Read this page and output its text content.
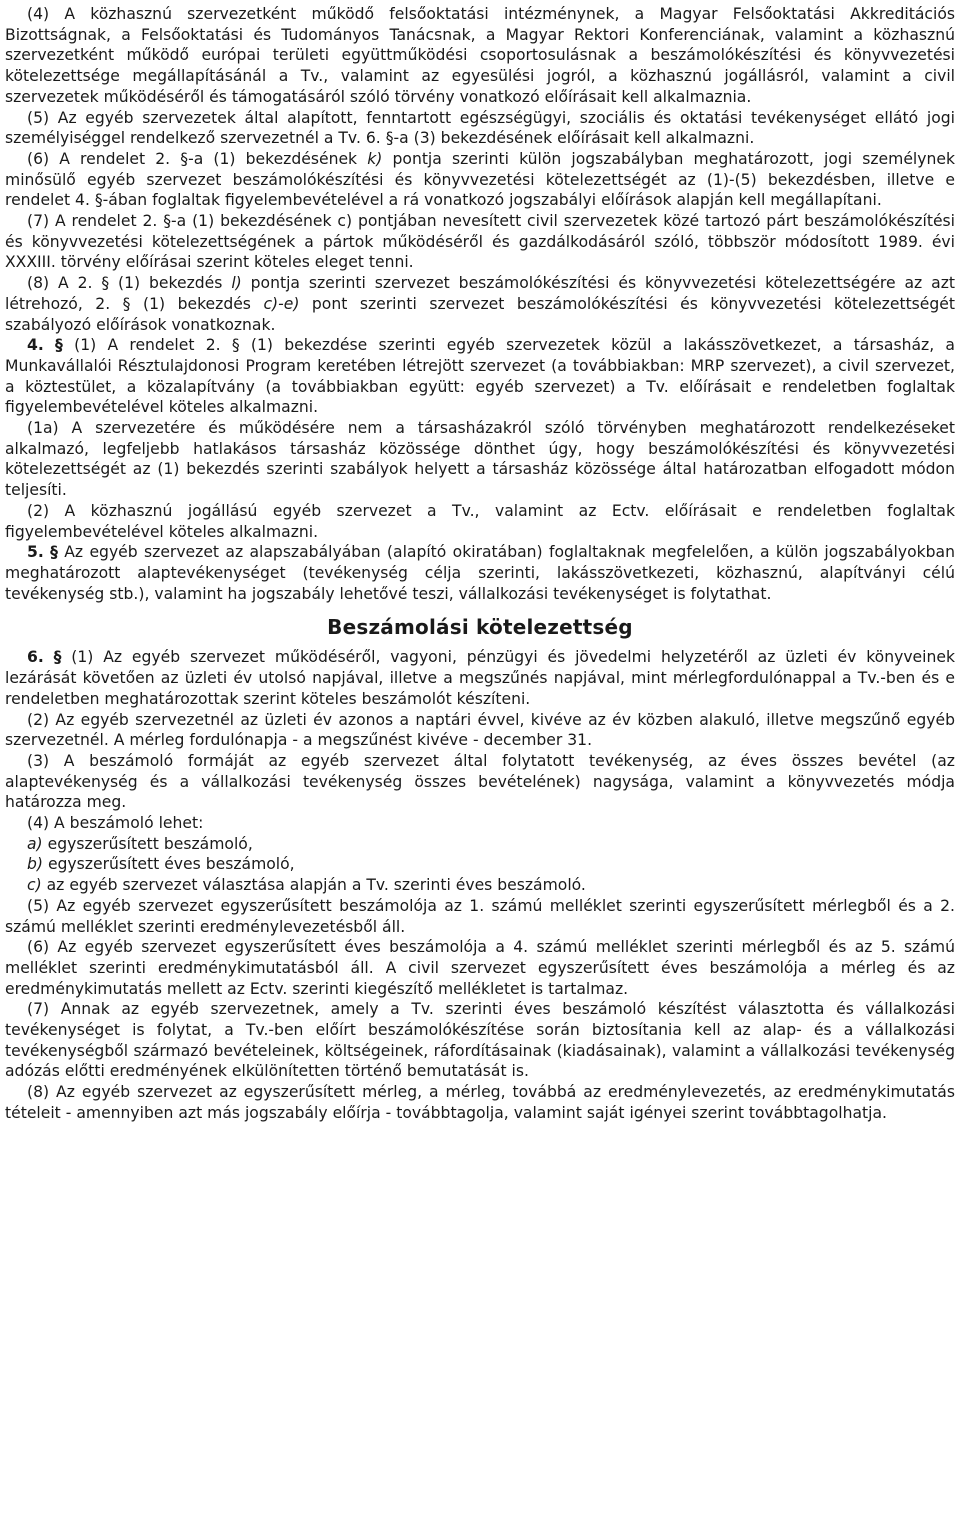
(4) A közhasznú szervezetként működő felsőoktatási intézménynek, a Magyar Felsőoktatási Akkreditációs Bizottságnak, a Felsőoktatási és Tudományos Tanácsnak, a Magyar Rektori Konferenciának, valamint a közhasznú szervezetként működő európai területi együttműködési csoportosulásnak a beszámolókészítési és könyvvezetési kötelezettsége megállapításánál a Tv., valamint az egyesülési jogról, a közhasznú jogállásról, valamint a civil szervezetek működéséről és támogatásáról szóló törvény vonatkozó előírásait kell alkalmaznia.

(5) Az egyéb szervezetek által alapított, fenntartott egészségügyi, szociális és oktatási tevékenységet ellátó jogi személyiséggel rendelkező szervezetnél a Tv. 6. §-a (3) bekezdésének előírásait kell alkalmazni.

(6) A rendelet 2. §-a (1) bekezdésének k) pontja szerinti külön jogszabályban meghatározott, jogi személynek minősülő egyéb szervezet beszámolókészítési és könyvvezetési kötelezettségét az (1)-(5) bekezdésben, illetve e rendelet 4. §-ában foglaltak figyelembevételével a rá vonatkozó jogszabályi előírások alapján kell megállapítani.

(7) A rendelet 2. §-a (1) bekezdésének c) pontjában nevesített civil szervezetek közé tartozó párt beszámolókészítési és könyvvezetési kötelezettségének a pártok működéséről és gazdálkodásáról szóló, többször módosított 1989. évi XXXIII. törvény előírásai szerint köteles eleget tenni.

(8) A 2. § (1) bekezdés l) pontja szerinti szervezet beszámolókészítési és könyvvezetési kötelezettségére az azt létrehozó, 2. § (1) bekezdés c)-e) pont szerinti szervezet beszámolókészítési és könyvvezetési kötelezettségét szabályozó előírások vonatkoznak.

4. § (1) A rendelet 2. § (1) bekezdése szerinti egyéb szervezetek közül a lakásszövetkezet, a társasház, a Munkavállalói Résztulajdonosi Program keretében létrejött szervezet (a továbbiakban: MRP szervezet), a civil szervezet, a köztestület, a közalapítvány (a továbbiakban együtt: egyéb szervezet) a Tv. előírásait e rendeletben foglaltak figyelembevételével köteles alkalmazni.

(1a) A szervezetére és működésére nem a társasházakról szóló törvényben meghatározott rendelkezéseket alkalmazó, legfeljebb hatlakásos társasház közössége dönthet úgy, hogy beszámolókészítési és könyvvezetési kötelezettségét az (1) bekezdés szerinti szabályok helyett a társasház közössége által határozatban elfogadott módon teljesíti.

(2) A közhasznú jogállású egyéb szervezet a Tv., valamint az Ectv. előírásait e rendeletben foglaltak figyelembevételével köteles alkalmazni.

5. § Az egyéb szervezet az alapszabályában (alapító okiratában) foglaltaknak megfelelően, a külön jogszabályokban meghatározott alaptevékenységet (tevékenység célja szerinti, lakásszövetkezeti, közhasznú, alapítványi célú tevékenység stb.), valamint ha jogszabály lehetővé teszi, vállalkozási tevékenységet is folytathat.

Beszámolási kötelezettség

6. § (1) Az egyéb szervezet működéséről, vagyoni, pénzügyi és jövedelmi helyzetéről az üzleti év könyveinek lezárását követően az üzleti év utolsó napjával, illetve a megszűnés napjával, mint mérlegfordulónappal a Tv.-ben és e rendeletben meghatározottak szerint köteles beszámolót készíteni.

(2) Az egyéb szervezetnél az üzleti év azonos a naptári évvel, kivéve az év közben alakuló, illetve megszűnő egyéb szervezetnél. A mérleg fordulónapja - a megszűnést kivéve - december 31.

(3) A beszámoló formáját az egyéb szervezet által folytatott tevékenység, az éves összes bevétel (az alaptevékenység és a vállalkozási tevékenység összes bevételének) nagysága, valamint a könyvvezetés módja határozza meg.

(4) A beszámoló lehet:

a) egyszerűsített beszámoló,

b) egyszerűsített éves beszámoló,

c) az egyéb szervezet választása alapján a Tv. szerinti éves beszámoló.

(5) Az egyéb szervezet egyszerűsített beszámolója az 1. számú melléklet szerinti egyszerűsített mérlegből és a 2. számú melléklet szerinti eredménylevezetésből áll.

(6) Az egyéb szervezet egyszerűsített éves beszámolója a 4. számú melléklet szerinti mérlegből és az 5. számú melléklet szerinti eredménykimutatásból áll. A civil szervezet egyszerűsített éves beszámolója a mérleg és az eredménykimutatás mellett az Ectv. szerinti kiegészítő mellékletet is tartalmaz.

(7) Annak az egyéb szervezetnek, amely a Tv. szerinti éves beszámoló készítést választotta és vállalkozási tevékenységet is folytat, a Tv.-ben előírt beszámolókészítése során biztosítania kell az alap- és a vállalkozási tevékenységből származó bevételeinek, költségeinek, ráfordításainak (kiadásainak), valamint a vállalkozási tevékenység adózás előtti eredményének elkülönítetten történő bemutatását is.

(8) Az egyéb szervezet az egyszerűsített mérleg, a mérleg, továbbá az eredménylevezetés, az eredménykimutatás tételeit - amennyiben azt más jogszabály előírja - továbbtagolja, valamint saját igényei szerint továbbtagolhatja.
